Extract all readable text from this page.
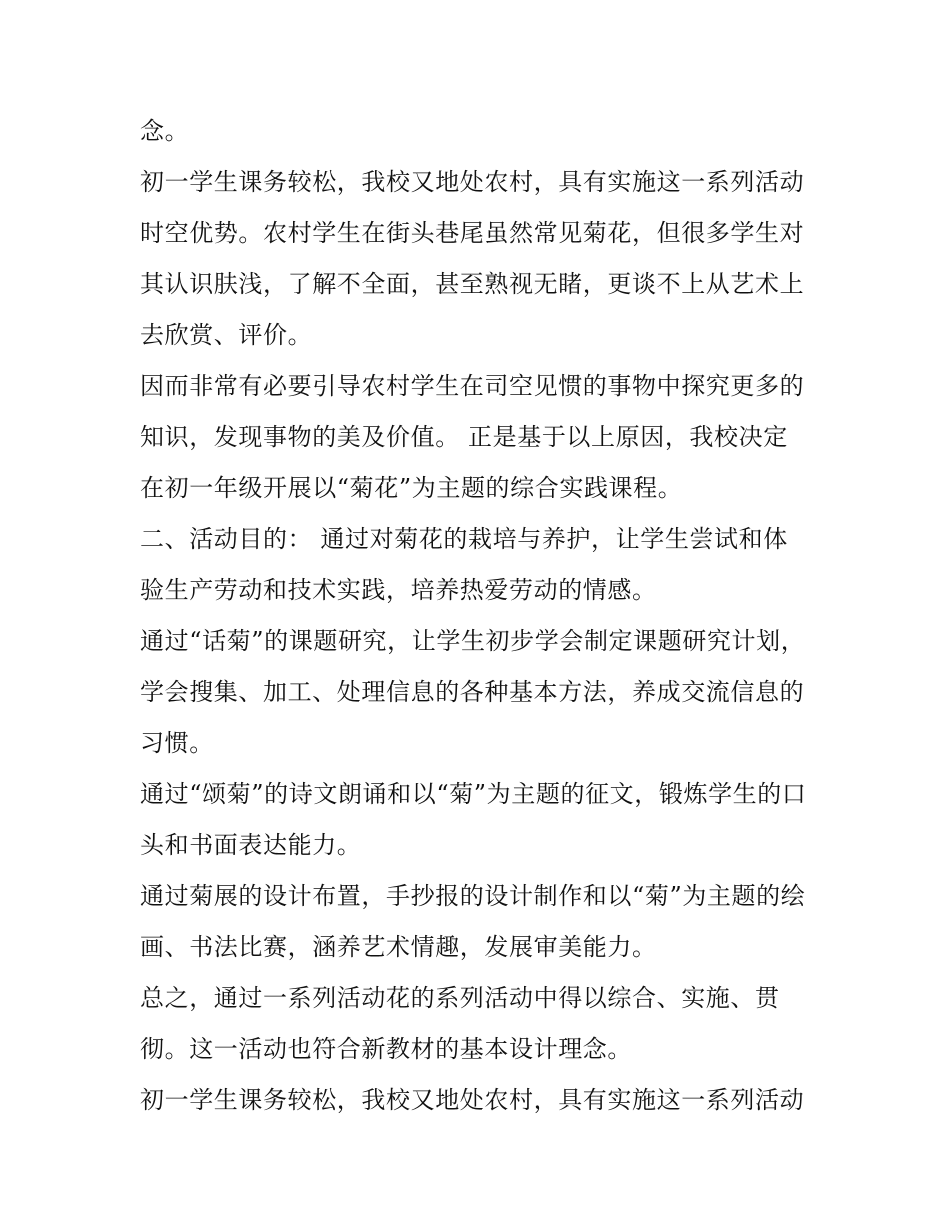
念。
初一学生课务较松，我校又地处农村，具有实施这一系列活动
时空优势。农村学生在街头巷尾虽然常见菊花，但很多学生对
其认识肤浅，了解不全面，甚至熟视无睹，更谈不上从艺术上
去欣赏、评价。
因而非常有必要引导农村学生在司空见惯的事物中探究更多的
知识，发现事物的美及价值。 正是基于以上原因，我校决定
在初一年级开展以“菊花”为主题的综合实践课程。
二、活动目的： 通过对菊花的栽培与养护，让学生尝试和体
验生产劳动和技术实践，培养热爱劳动的情感。
通过“话菊”的课题研究，让学生初步学会制定课题研究计划，
学会搜集、加工、处理信息的各种基本方法，养成交流信息的
习惯。
通过“颂菊”的诗文朗诵和以“菊”为主题的征文，锻炼学生的口
头和书面表达能力。
通过菊展的设计布置，手抄报的设计制作和以“菊”为主题的绘
画、书法比赛，涵养艺术情趣，发展审美能力。
总之，通过一系列活动花的系列活动中得以综合、实施、贯
彻。这一活动也符合新教材的基本设计理念。
初一学生课务较松，我校又地处农村，具有实施这一系列活动
